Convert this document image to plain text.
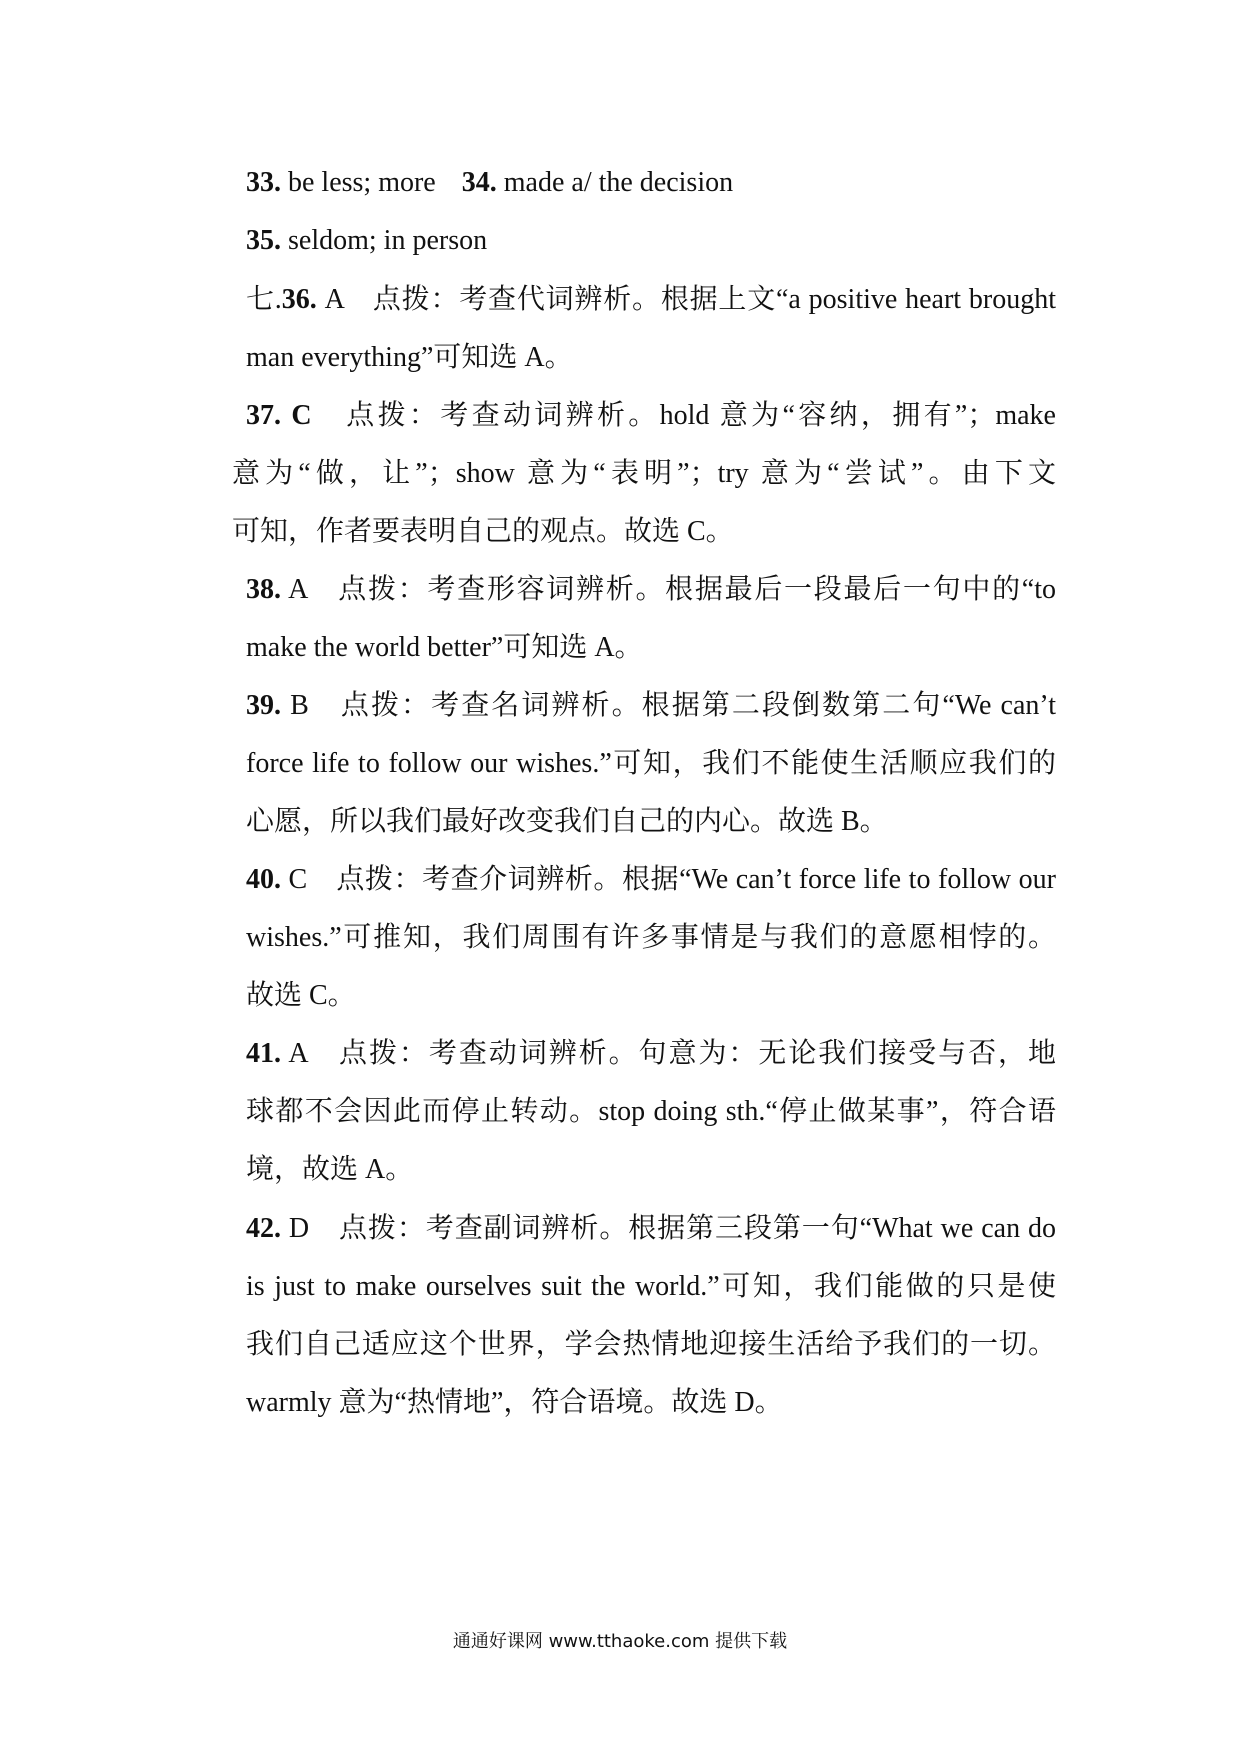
33. be less; more 34. made a/ the decision
35. seldom; in person
七.36. A　点拨：考查代词辨析。根据上文“a positive heart brought
man everything”可知选 A。
37. C　点拨：考查动词辨析。hold 意为“容纳，拥有”；make
意为“做，让”；show 意为“表明”；try 意为“尝试”。由下文
可知，作者要表明自己的观点。故选 C。
38. A　点拨：考查形容词辨析。根据最后一段最后一句中的“to
make the world better”可知选 A。
39. B　点拨：考查名词辨析。根据第二段倒数第二句“We can’t
force life to follow our wishes.”可知，我们不能使生活顺应我们的
心愿，所以我们最好改变我们自己的内心。故选 B。
40. C　点拨：考查介词辨析。根据“We can’t force life to follow our
wishes.”可推知，我们周围有许多事情是与我们的意愿相悖的。
故选 C。
41. A　点拨：考查动词辨析。句意为：无论我们接受与否，地
球都不会因此而停止转动。stop doing sth.“停止做某事”，符合语
境，故选 A。
42. D　点拨：考查副词辨析。根据第三段第一句“What we can do
is just to make ourselves suit the world.”可知，我们能做的只是使
我们自己适应这个世界，学会热情地迎接生活给予我们的一切。
warmly 意为“热情地”，符合语境。故选 D。
通通好课网 www.tthaoke.com 提供下载
